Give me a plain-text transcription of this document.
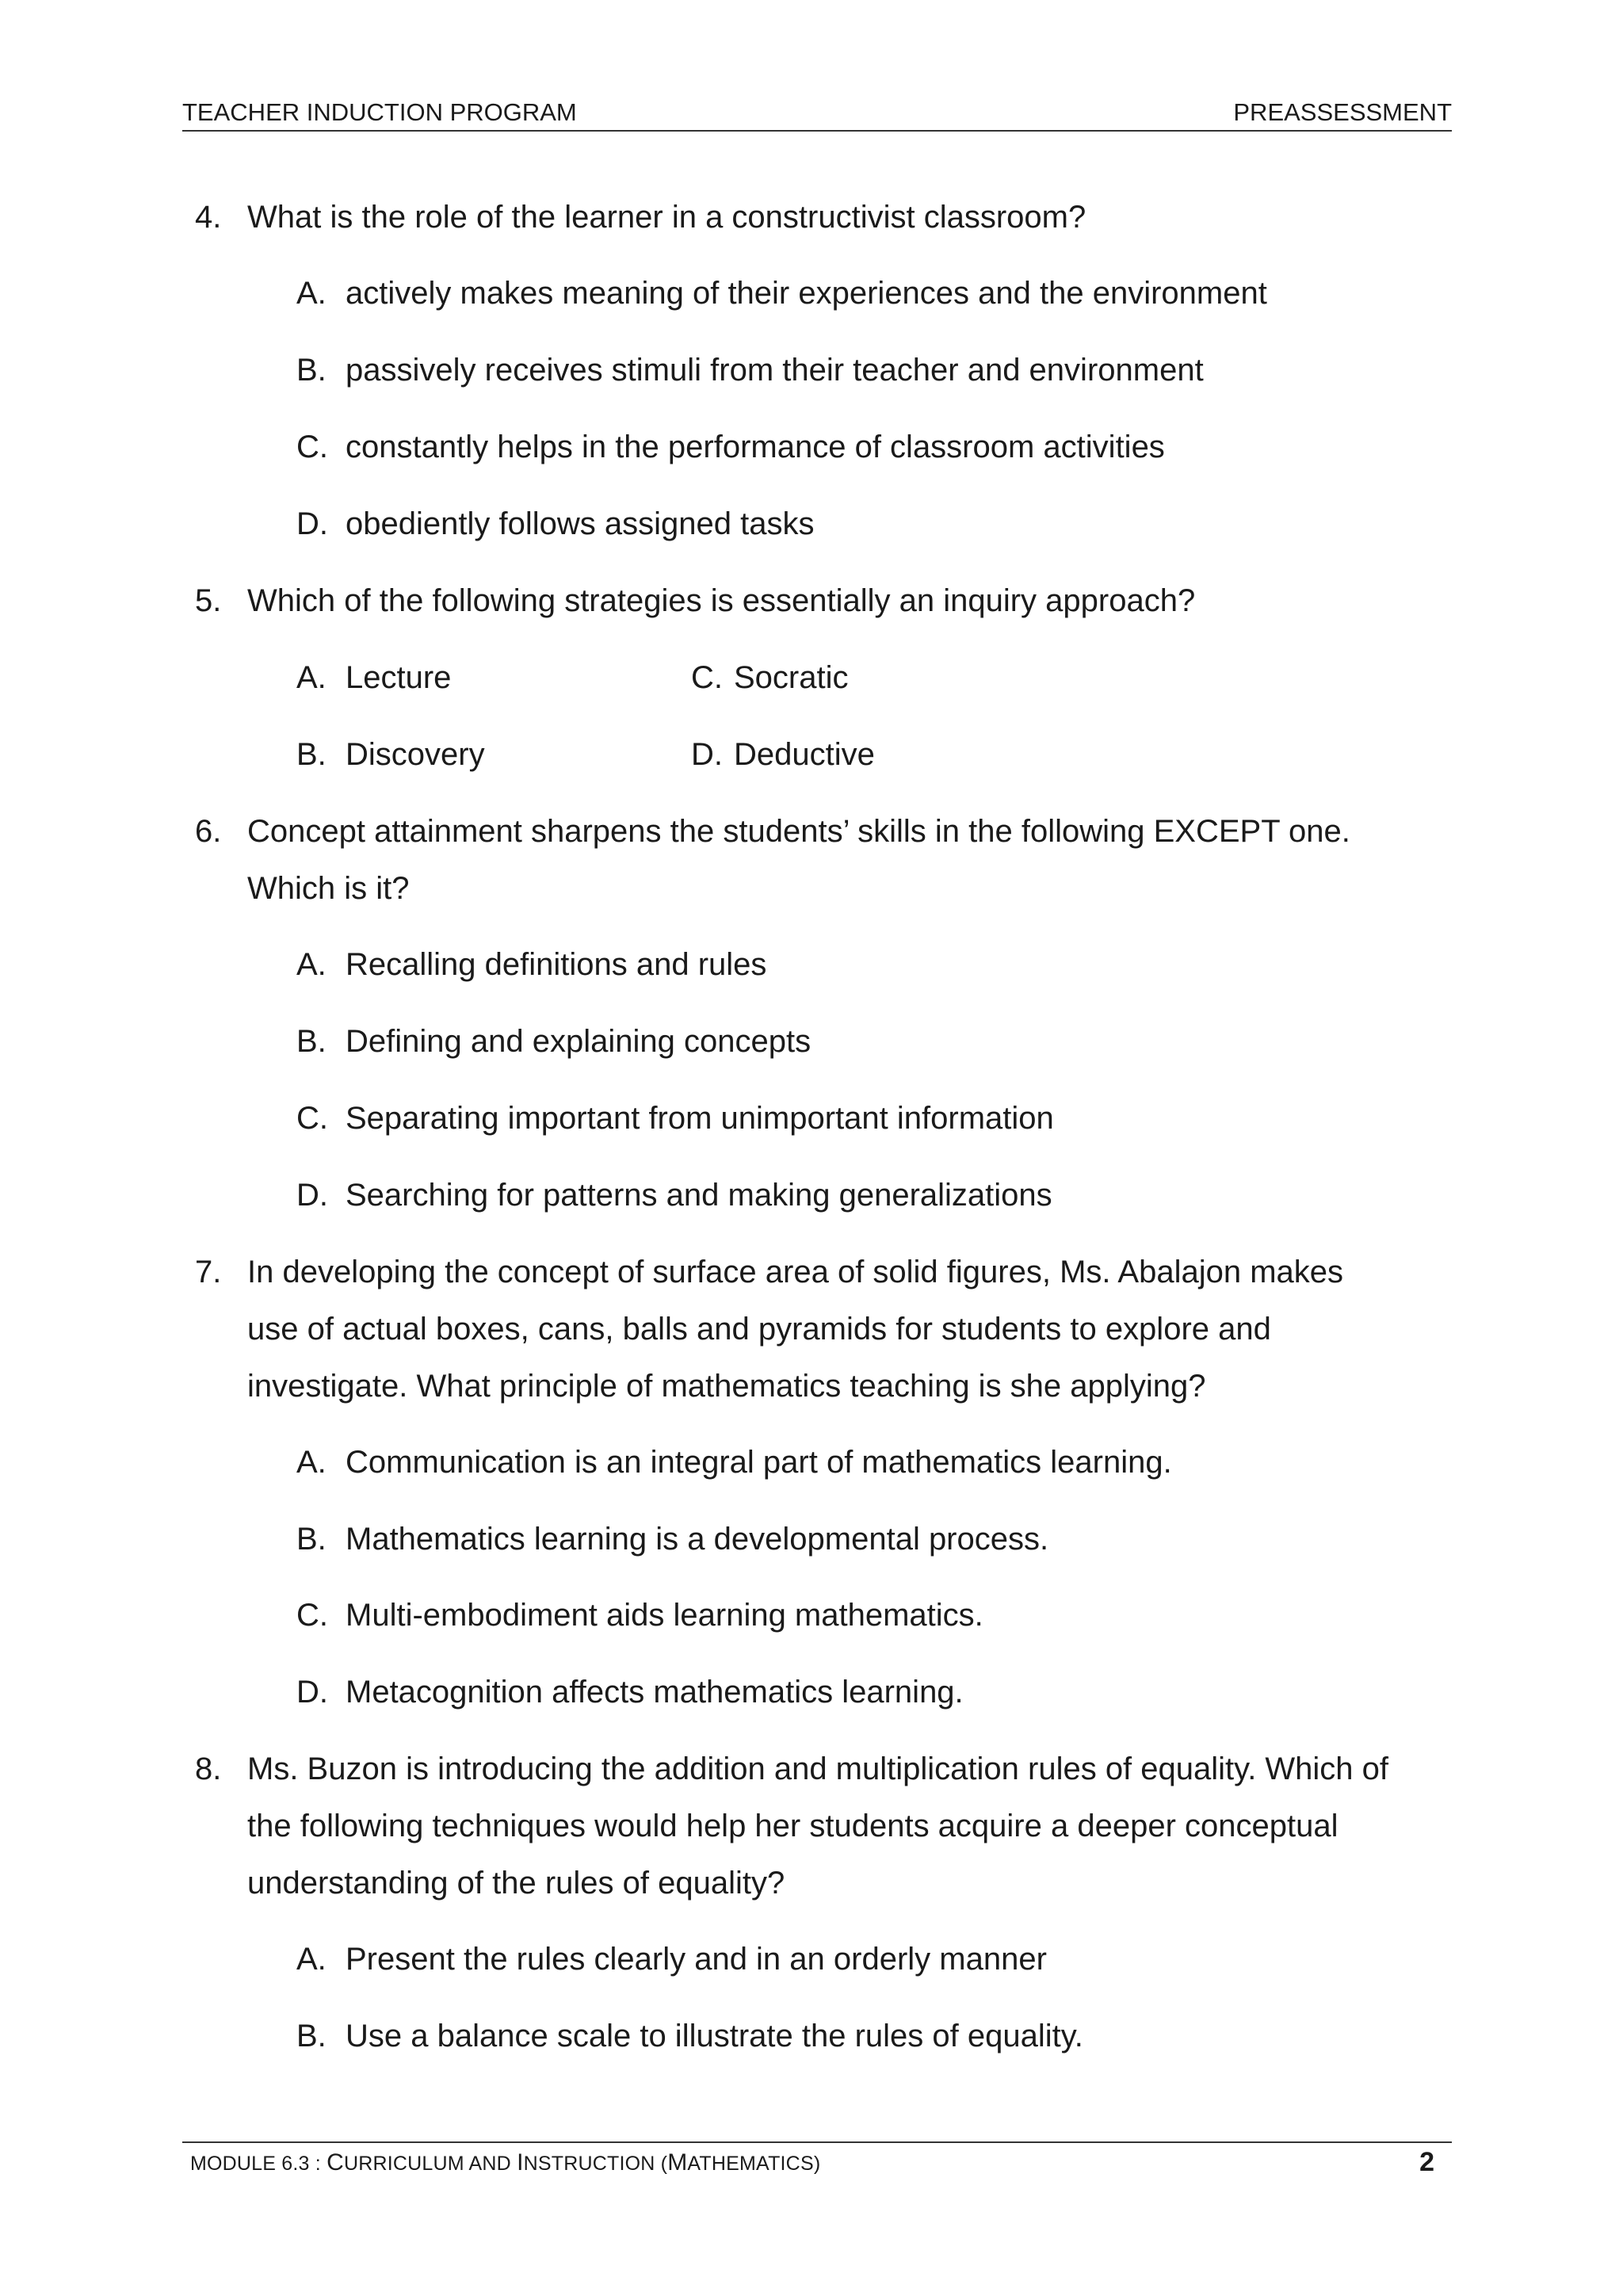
TEACHER INDUCTION PROGRAM	PREASSESSMENT
4. What is the role of the learner in a constructivist classroom?
A. actively makes meaning of their experiences and the environment
B. passively receives stimuli from their teacher and environment
C. constantly helps in the performance of classroom activities
D. obediently follows assigned tasks
5. Which of the following strategies is essentially an inquiry approach?
A. Lecture	C. Socratic
B. Discovery	D. Deductive
6. Concept attainment sharpens the students’ skills in the following EXCEPT one.
Which is it?
A. Recalling definitions and rules
B. Defining and explaining concepts
C. Separating important from unimportant information
D. Searching for patterns and making generalizations
7. In developing the concept of surface area of solid figures, Ms. Abalajon makes
use of actual boxes, cans, balls and pyramids for students to explore and
investigate. What principle of mathematics teaching is she applying?
A. Communication is an integral part of mathematics learning.
B. Mathematics learning is a developmental process.
C. Multi-embodiment aids learning mathematics.
D. Metacognition affects mathematics learning.
8. Ms. Buzon is introducing the addition and multiplication rules of equality. Which of
the following techniques would help her students acquire a deeper conceptual
understanding of the rules of equality?
A. Present the rules clearly and in an orderly manner
B. Use a balance scale to illustrate the rules of equality.
MODULE 6.3 : CURRICULUM AND INSTRUCTION (MATHEMATICS)	2
